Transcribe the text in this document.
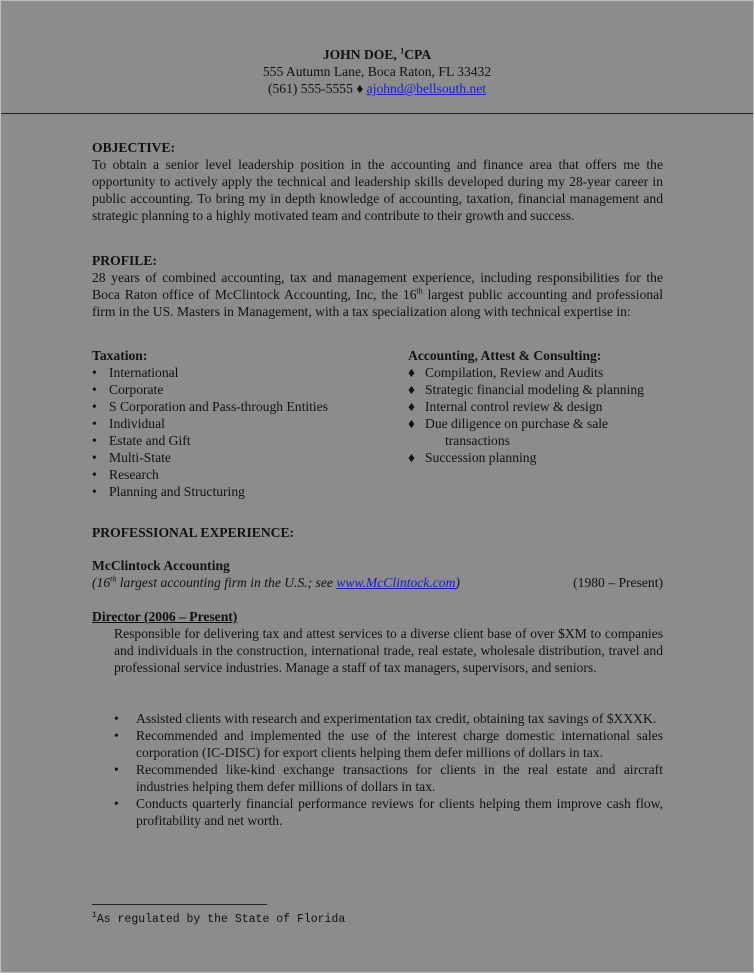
JOHN DOE, $^1$CPA
555 Autumn Lane, Boca Raton, FL 33432
(561) 555-5555 ♦ ajohnd@bellsouth.net
OBJECTIVE:
To obtain a senior level leadership position in the accounting and finance area that offers me the opportunity to actively apply the technical and leadership skills developed during my 28-year career in public accounting. To bring my in depth knowledge of accounting, taxation, financial management and strategic planning to a highly motivated team and contribute to their growth and success.
PROFILE:
28 years of combined accounting, tax and management experience, including responsibilities for the Boca Raton office of McClintock Accounting, Inc, the 16th largest public accounting and professional firm in the US. Masters in Management, with a tax specialization along with technical expertise in:
Taxation:
• International
• Corporate
• S Corporation and Pass-through Entities
• Individual
• Estate and Gift
• Multi-State
• Research
• Planning and Structuring
Accounting, Attest & Consulting:
♦ Compilation, Review and Audits
♦ Strategic financial modeling & planning
♦ Internal control review & design
♦ Due diligence on purchase & sale
transactions
♦ Succession planning
PROFESSIONAL EXPERIENCE:
McClintock Accounting
(16th largest accounting firm in the U.S.; see www.McClintock.com)	(1980 – Present)
Director (2006 – Present)
Responsible for delivering tax and attest services to a diverse client base of over $XM to companies and individuals in the construction, international trade, real estate, wholesale distribution, travel and professional service industries. Manage a staff of tax managers, supervisors, and seniors.
• Assisted clients with research and experimentation tax credit, obtaining tax savings of $XXXK.
• Recommended and implemented the use of the interest charge domestic international sales corporation (IC-DISC) for export clients helping them defer millions of dollars in tax.
• Recommended like-kind exchange transactions for clients in the real estate and aircraft industries helping them defer millions of dollars in tax.
• Conducts quarterly financial performance reviews for clients helping them improve cash flow, profitability and net worth.
$^1$As regulated by the State of Florida
